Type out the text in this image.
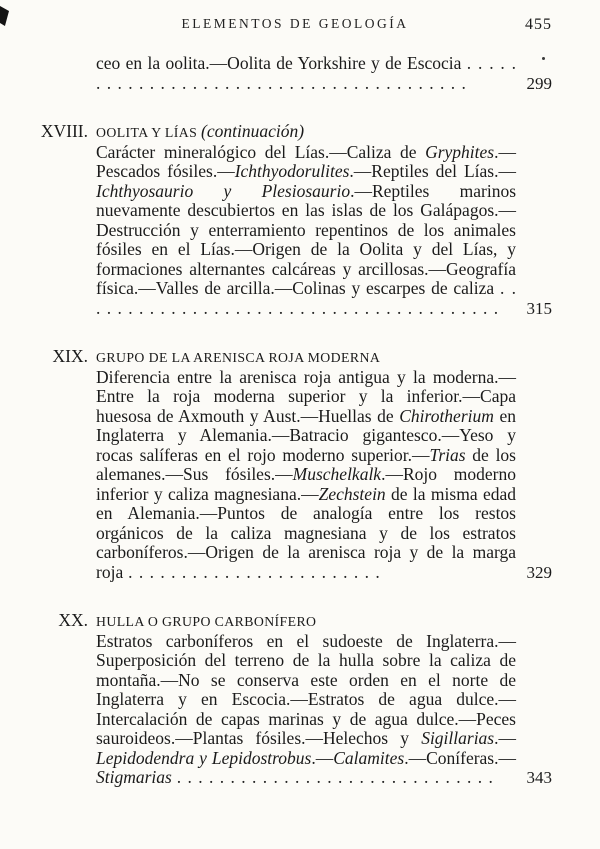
ELEMENTOS DE GEOLOGÍA	455

ceo en la oolita.—Oolita de Yorkshire y de Escocia . . . . . . . . . . . . . . . . . . . . . . . . . . . . . . . . . . . . . . . .	299
XVIII. OOLITA Y LÍAS (continuación)

Carácter mineralógico del Lías.—Caliza de Gryphites.—Pescados fósiles.—Ichthyodorulites.—Reptiles del Lías.—Ichthyosaurio y Plesiosaurio.—Reptiles marinos nuevamente descubiertos en las islas de los Galápagos.—Destrucción y enterramiento repentinos de los animales fósiles en el Lías.—Origen de la Oolita y del Lías, y formaciones alternantes calcáreas y arcillosas.—Geografía física.—Valles de arcilla.—Colinas y escarpes de caliza . . . . . . . . . . . . . . . . . . . . . . . . . . . . . . . . . . . . . . . .	315
XIX. GRUPO DE LA ARENISCA ROJA MODERNA

Diferencia entre la arenisca roja antigua y la moderna.—Entre la roja moderna superior y la inferior.—Capa huesosa de Axmouth y Aust.—Huellas de Chirotherium en Inglaterra y Alemania.—Batracio gigantesco.—Yeso y rocas salíferas en el rojo moderno superior.—Trias de los alemanes.—Sus fósiles.—Muschelkalk.—Rojo moderno inferior y caliza magnesiana.—Zechstein de la misma edad en Alemania.—Puntos de analogía entre los restos orgánicos de la caliza magnesiana y de los estratos carboníferos.—Origen de la arenisca roja y de la marga roja . . . . . . . . . . . . . . . . . . . . . . . .	329
XX. HULLA O GRUPO CARBONÍFERO

Estratos carboníferos en el sudoeste de Inglaterra.—Superposición del terreno de la hulla sobre la caliza de montaña.—No se conserva este orden en el norte de Inglaterra y en Escocia.—Estratos de agua dulce.—Intercalación de capas marinas y de agua dulce.—Peces sauroideos.—Plantas fósiles.—Helechos y Sigillarias.—Lepidodendra y Lepidostrobus.—Calamites.—Coníferas.—Stigmarias . . . . . . . . . . . . . . . . . . . . . . . . . . . . . .	343
